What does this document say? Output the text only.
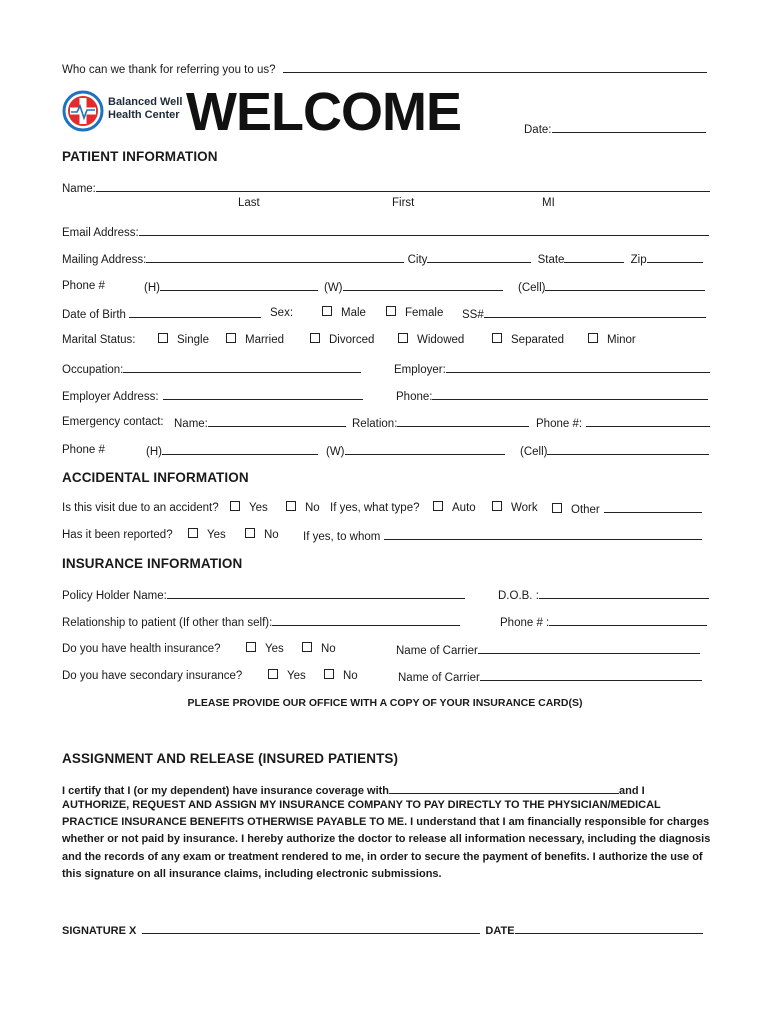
Who can we thank for referring you to us?
Balanced Well
Health Center WELCOME	Date:
PATIENT INFORMATION
Name:
Last	First	MI
Email Address:
Mailing Address:	City	State	Zip
Phone #	(H)	(W)	(Cell)
Date of Birth	Sex:	Male	Female SS#
Marital Status:	Single	Married	Divorced	Widowed	Separated	Minor
Occupation:	Employer:
Employer Address:	Phone:
Emergency contact: Name:	Relation:	Phone #:
Phone #	(H)	(W)	(Cell)
ACCIDENTAL INFORMATION
Is this visit due to an accident?	Yes	No If yes, what type?	Auto	Work	Other
Has it been reported?	Yes	No If yes, to whom
INSURANCE INFORMATION
Policy Holder Name:	D.O.B. :
Relationship to patient (If other than self):	Phone # :
Do you have health insurance?	Yes	No	Name of Carrier
Do you have secondary insurance?	Yes	No	Name of Carrier
PLEASE PROVIDE OUR OFFICE WITH A COPY OF YOUR INSURANCE CARD(S)
ASSIGNMENT AND RELEASE (INSURED PATIENTS)
I certify that I (or my dependent) have insurance coverage with	and I
AUTHORIZE, REQUEST AND ASSIGN MY INSURANCE COMPANY TO PAY DIRECTLY TO THE PHYSICIAN/MEDICAL PRACTICE INSURANCE BENEFITS OTHERWISE PAYABLE TO ME. I understand that I am financially responsible for charges whether or not paid by insurance. I hereby authorize the doctor to release all information necessary, including the diagnosis and the records of any exam or treatment rendered to me, in order to secure the payment of benefits. I authorize the use of this signature on all insurance claims, including electronic submissions.
SIGNATURE X	DATE
